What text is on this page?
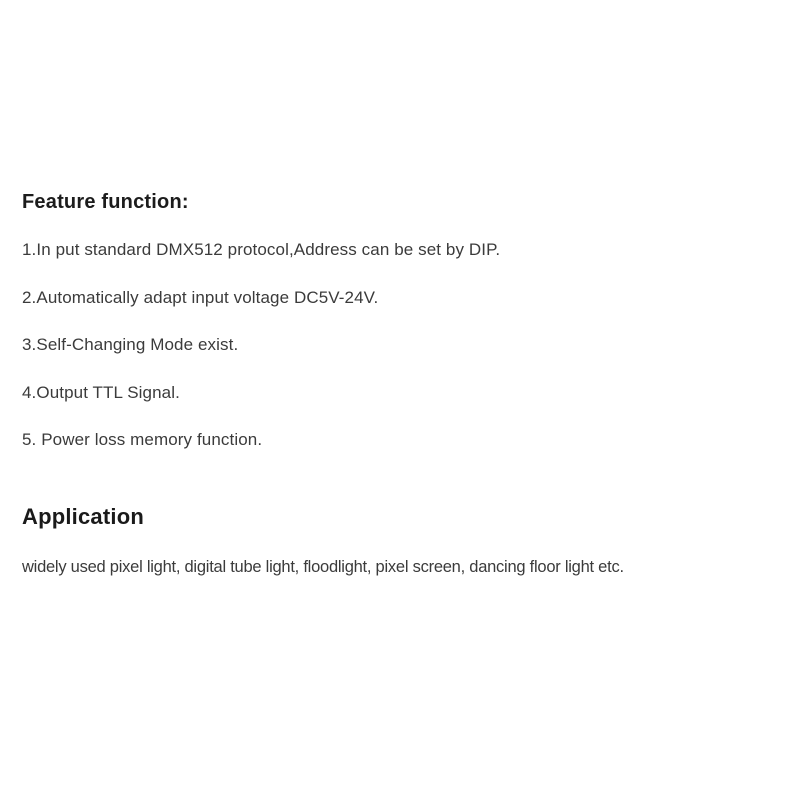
Feature function:

1.In put standard DMX512 protocol,Address can be set by DIP.

2.Automatically adapt input voltage DC5V-24V.

3.Self-Changing Mode exist.

4.Output TTL Signal.

5. Power loss memory function.

Application

widely used pixel light, digital tube light, floodlight, pixel screen, dancing floor light etc.
